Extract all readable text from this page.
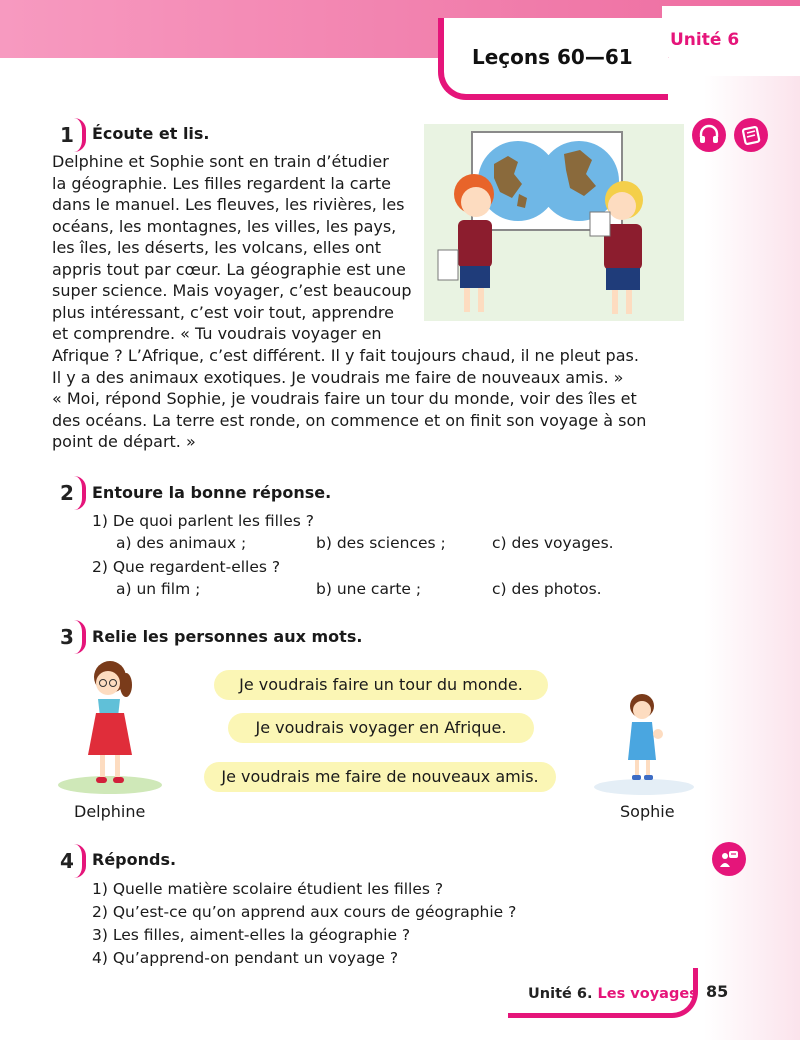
Leçons 60—61
Unité 6
1	Écoute et lis.
Delphine et Sophie sont en train d’étudier
la géographie. Les filles regardent la carte
dans le manuel. Les fleuves, les rivières, les
océans, les montagnes, les villes, les pays,
les îles, les déserts, les volcans, elles ont
appris tout par cœur. La géographie est une
super science. Mais voyager, c’est beaucoup
plus intéressant, c’est voir tout, apprendre
et comprendre. « Tu voudrais voyager en
Afrique ? L’Afrique, c’est différent. Il y fait toujours chaud, il ne pleut pas.
Il y a des animaux exotiques. Je voudrais me faire de nouveaux amis. »
« Moi, répond Sophie, je voudrais faire un tour du monde, voir des îles et
des océans. La terre est ronde, on commence et on finit son voyage à son
point de départ. »
2	Entoure la bonne réponse.
1) De quoi parlent les filles ?
a) des animaux ;	b) des sciences ;	c) des voyages.
2) Que regardent-elles ?
a) un film ;	b) une carte ;	c) des photos.
3	Relie les personnes aux mots.
Delphine
Je voudrais faire un tour du monde.
Je voudrais voyager en Afrique.
Je voudrais me faire de nouveaux amis.
Sophie
4	Réponds.
1) Quelle matière scolaire étudient les filles ?
2) Qu’est-ce qu’on apprend aux cours de géographie ?
3) Les filles, aiment-elles la géographie ?
4) Qu’apprend-on pendant un voyage ?
Unité 6. Les voyages 85
